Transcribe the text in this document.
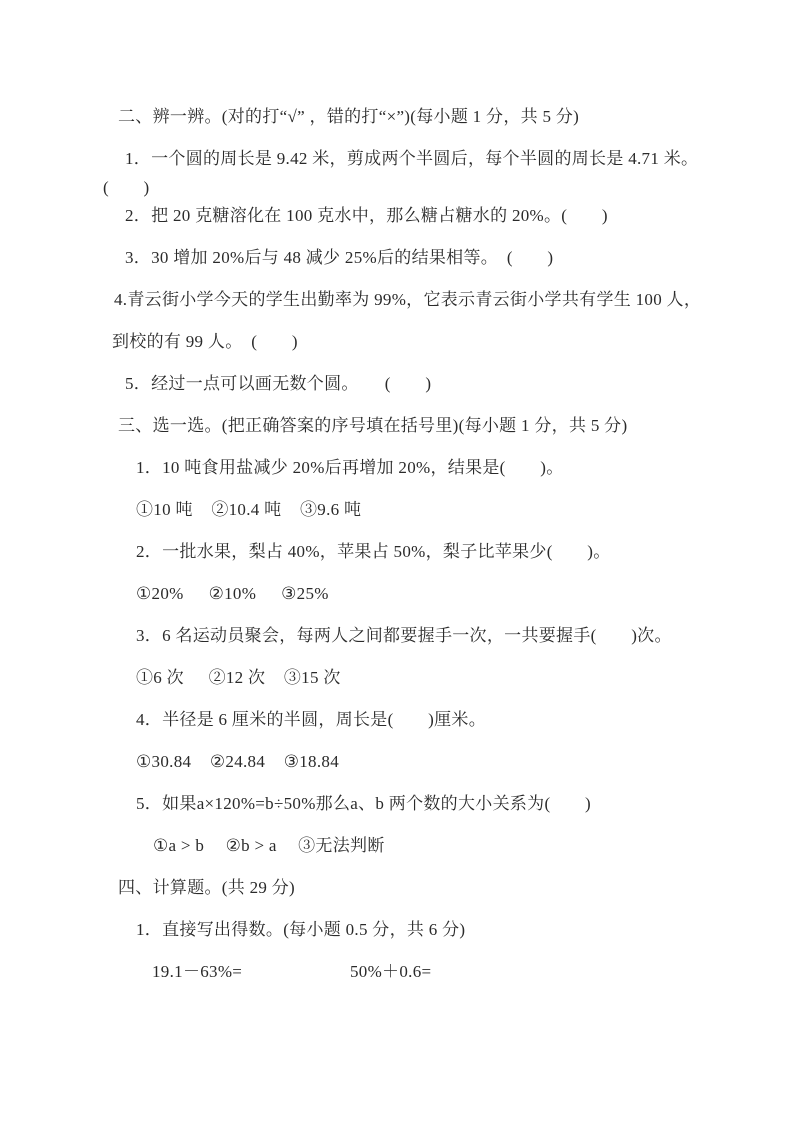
二、辨一辨。(对的打“√” ，错的打“×”)(每小题 1 分，共 5 分)

1．一个圆的周长是 9.42 米，剪成两个半圆后，每个半圆的周长是 4.71 米。

(　　)

2．把 20 克糖溶化在 100 克水中，那么糖占糖水的 20%。(　　)

3．30 增加 20%后与 48 减少 25%后的结果相等。　(　　)

4.青云街小学今天的学生出勤率为 99%，它表示青云街小学共有学生 100 人，

到校的有 99 人。　(　　)

5．经过一点可以画无数个圆。　　(　　)

三、选一选。(把正确答案的序号填在括号里)(每小题 1 分，共 5 分)

1．10 吨食用盐减少 20%后再增加 20%，结果是(　　)。

①10 吨 ②10.4 吨 ③9.6 吨

2．一批水果，梨占 40%，苹果占 50%，梨子比苹果少(　　)。

①20% ②10% ③25%

3．6 名运动员聚会，每两人之间都要握手一次，一共要握手(　　)次。

①6 次 ②12 次 ③15 次

4．半径是 6 厘米的半圆，周长是(　　)厘米。

①30.84 ②24.84 ③18.84

5．如果a×120%=b÷50%那么a、b 两个数的大小关系为(　　)

①a > b ②b > a ③无法判断

四、计算题。(共 29 分)

1．直接写出得数。(每小题 0.5 分，共 6 分)

19.1－63%=	50%＋0.6=
